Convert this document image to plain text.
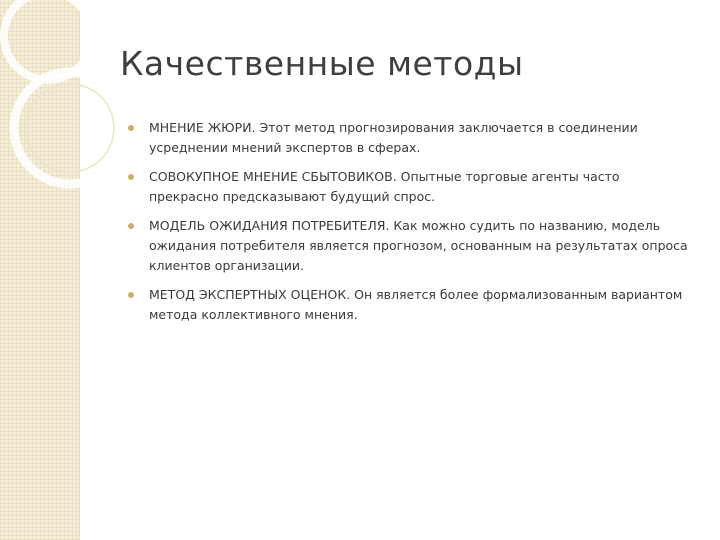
Качественные методы
МНЕНИЕ ЖЮРИ. Этот метод прогнозирования заключается в соединении усреднении мнений экспертов в сферах.
СОВОКУПНОЕ МНЕНИЕ СБЫТОВИКОВ. Опытные торговые агенты часто прекрасно предсказывают будущий спрос.
МОДЕЛЬ ОЖИДАНИЯ ПОТРЕБИТЕЛЯ. Как можно судить по названию, модель ожидания потребителя является прогнозом, основанным на результатах опроса клиентов организации.
МЕТОД ЭКСПЕРТНЫХ ОЦЕНОК. Он является более формализованным вариантом метода коллективного мнения.
